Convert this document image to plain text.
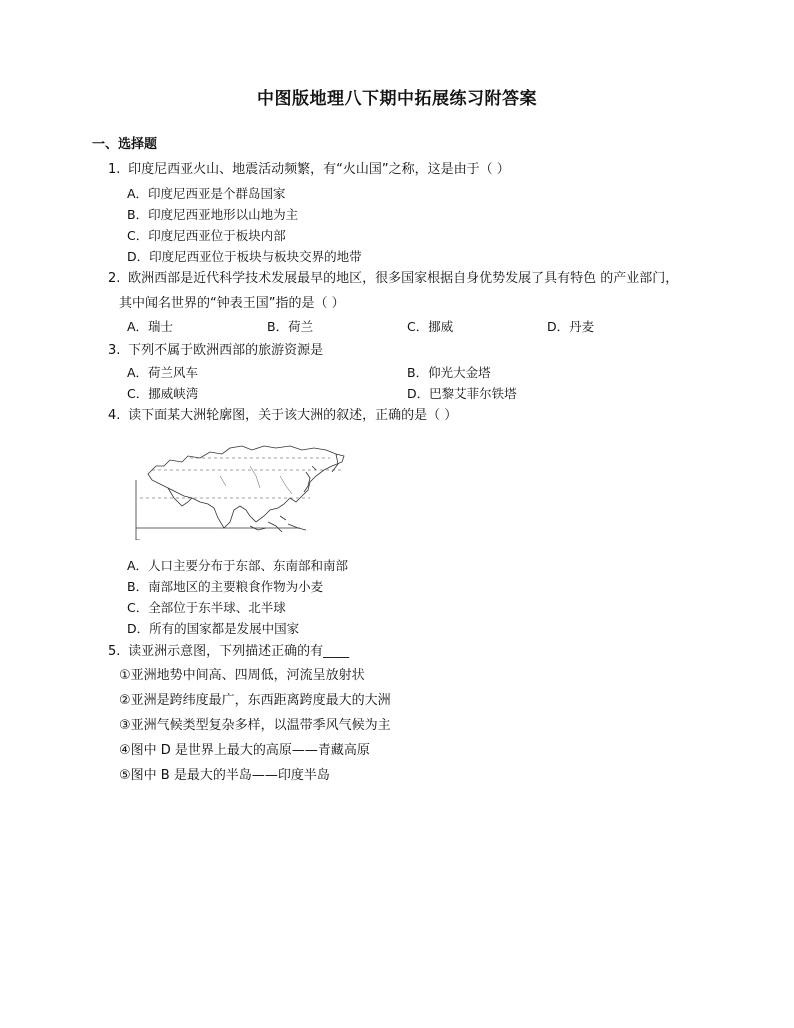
中图版地理八下期中拓展练习附答案
一、选择题
1. 印度尼西亚火山、地震活动频繁，有“火山国”之称，这是由于（ ）
A．印度尼西亚是个群岛国家
B．印度尼西亚地形以山地为主
C．印度尼西亚位于板块内部
D．印度尼西亚位于板块与板块交界的地带
2. 欧洲西部是近代科学技术发展最早的地区，很多国家根据自身优势发展了具有特色 的产业部门，
其中闻名世界的“钟表王国”指的是（ ）
A．瑞士	B．荷兰	C．挪威	D．丹麦
3. 下列不属于欧洲西部的旅游资源是
A．荷兰风车	B．仰光大金塔
C．挪威峡湾	D．巴黎艾菲尔铁塔
4. 读下面某大洲轮廓图，关于该大洲的叙述，正确的是（ ）
A．人口主要分布于东部、东南部和南部
B．南部地区的主要粮食作物为小麦
C．全部位于东半球、北半球
D．所有的国家都是发展中国家
5. 读亚洲示意图，下列描述正确的有____
①亚洲地势中间高、四周低，河流呈放射状
②亚洲是跨纬度最广，东西距离跨度最大的大洲
③亚洲气候类型复杂多样，以温带季风气候为主
④图中 D 是世界上最大的高原——青藏高原
⑤图中 B 是最大的半岛——印度半岛
